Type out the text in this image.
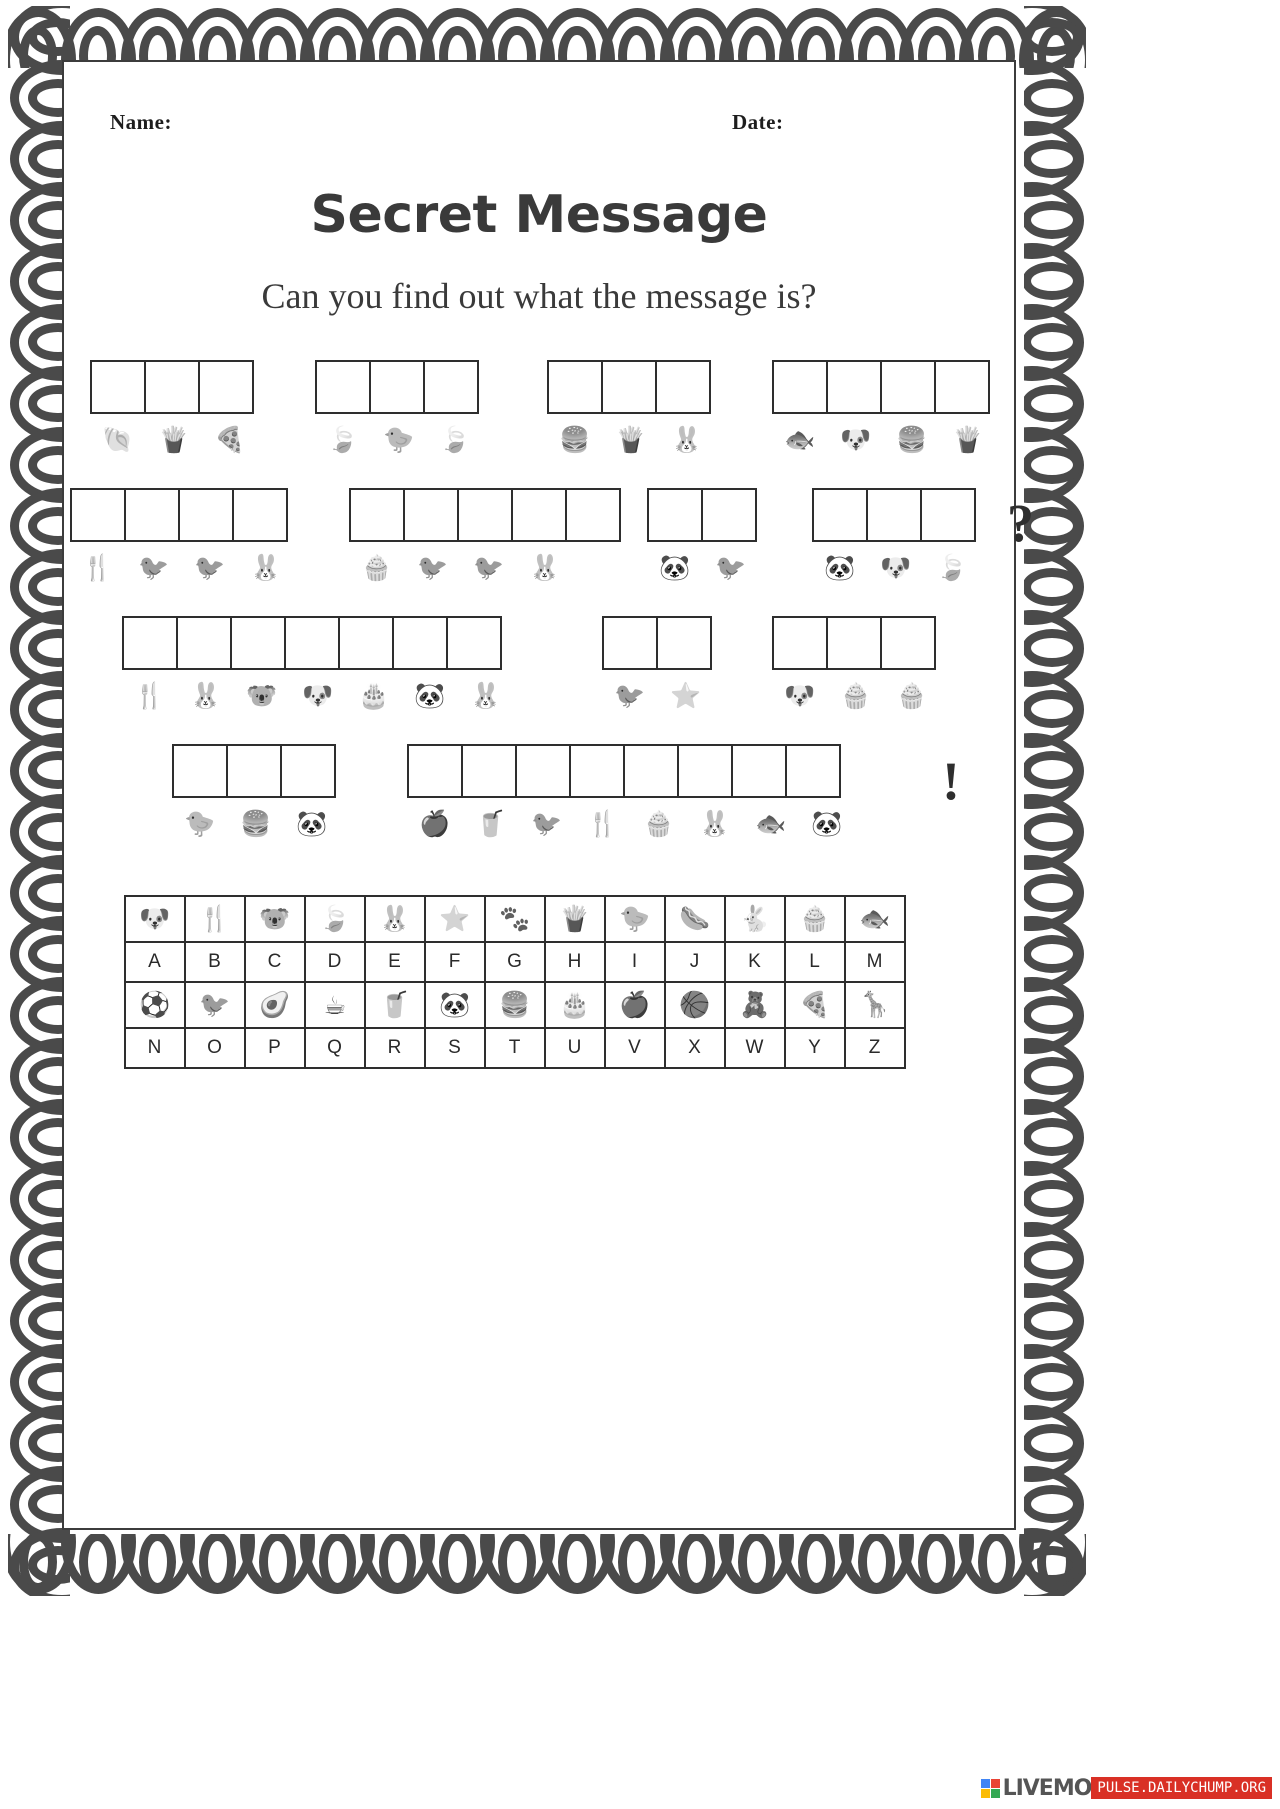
Name:	Date:
Secret Message
Can you find out what the message is?
🐚 🍟 🍕	🍃 🐤 🍃	🍔 🍟 🐰	🐟 🐶 🍔 🍟
🍴 🐦 🐦 🐰	🧁 🐦 🐦 🐰	🐼 🐦	🐼 🐶 🍃
?
🍴 🐰 🐨 🐶 🎂 🐼 🐰	🐦 ⭐	🐶 🧁 🧁
🐤 🍔 🐼	🍎 🥤 🐦 🍴 🧁 🐰 🐟 🐼
!
🐶	🍴	🐨	🍃	🐰	⭐	🐾	🍟	🐤	🌭	🐇	🧁	🐟
A	B	C	D	E	F	G	H	I	J	K	L	M
⚽	🐦	🥑	☕	🥤	🐼	🍔	🎂	🍎	🏀	🧸	🍕	🦒
N	O	P	Q	R	S	T	U	V	X	W	Y	Z
LIVEMO PULSE.DAILYCHUMP.ORG
